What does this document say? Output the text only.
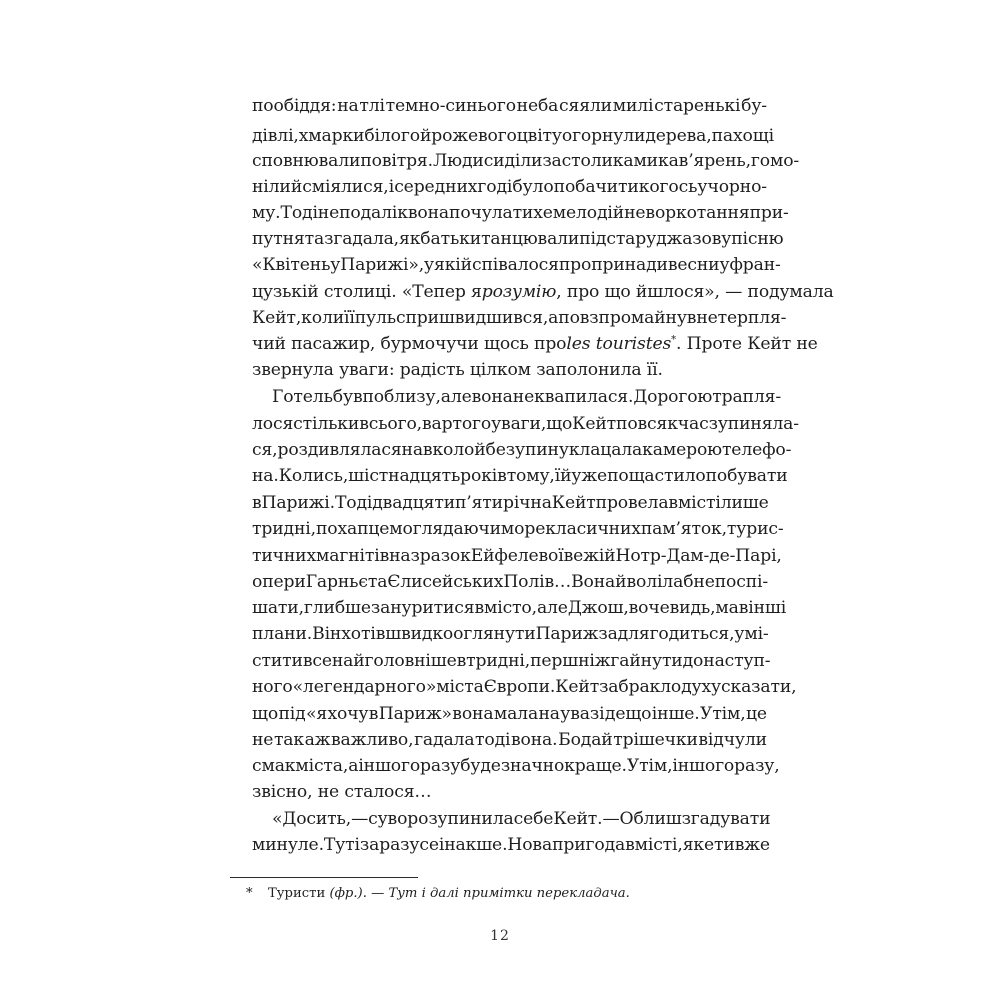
пообіддя: на тлі темно-синього неба сяяли милі старенькі бу-
дівлі, хмарки білого й рожевого цвіту огорнули дерева, пахощі
сповнювали повітря. Люди сиділи за столиками кав’ярень, гомо-
ніли й сміялися, і серед них годі було побачити когось у чорно-
му. Тоді неподалік вона почула тихе мелодійне воркотання при-
путня та згадала, як батьки танцювали під стару джазову пісню
«Квітень у Парижі», у якій співалося про принади весни у фран-
цузькій столиці. «Тепер я розумію , про що йшлося», — подумала
Кейт, коли її пульс пришвидшився, а повз промайнув нетерпля-
чий пасажир, бурмочучи щось про les touristes* . Проте Кейт не
звернула уваги: радість цілком заполонила її.
Готель був поблизу, але вона не квапилася. Дорогою трапля-
лося стільки всього, вартого уваги, що Кейт повсякчас зупиняла-
ся, роздивлялася навколо й без упину клацала камерою телефо-
на. Колись, шістнадцять років тому, їй уже пощастило побувати
в Парижі. Тоді двадцятип’ятирічна Кейт провела в місті лише
три дні, похапцем оглядаючи море класичних пам’яток, турис-
тичних магнітів на зразок Ейфелевої вежі й Нотр-Дам-де-Парі,
опери Гарньє та Єлисейських Полів… Вона й воліла б не поспі-
шати, глибше зануритися в місто, але Джош, вочевидь, мав інші
плани. Він хотів швидко оглянути Париж задля годиться, умі-
стити все найголовніше в три дні, перш ніж гайнути до наступ-
ного «легендарного» міста Європи. Кейт забракло духу сказати,
що під «я хочу в Париж» вона мала на увазі дещо інше. Утім, це
не так аж важливо, гадала тоді вона. Бодай трішечки відчули
смак міста, а іншого разу буде значно краще. Утім, іншого разу,
звісно, не сталося…
«Досить, — суворо зупинила себе Кейт. — Облиш згадувати
минуле. Тут і зараз усе інакше. Нова пригода в місті, яке ти вже
* Туристи (фр.). — Тут і далі примітки перекладача.
12
